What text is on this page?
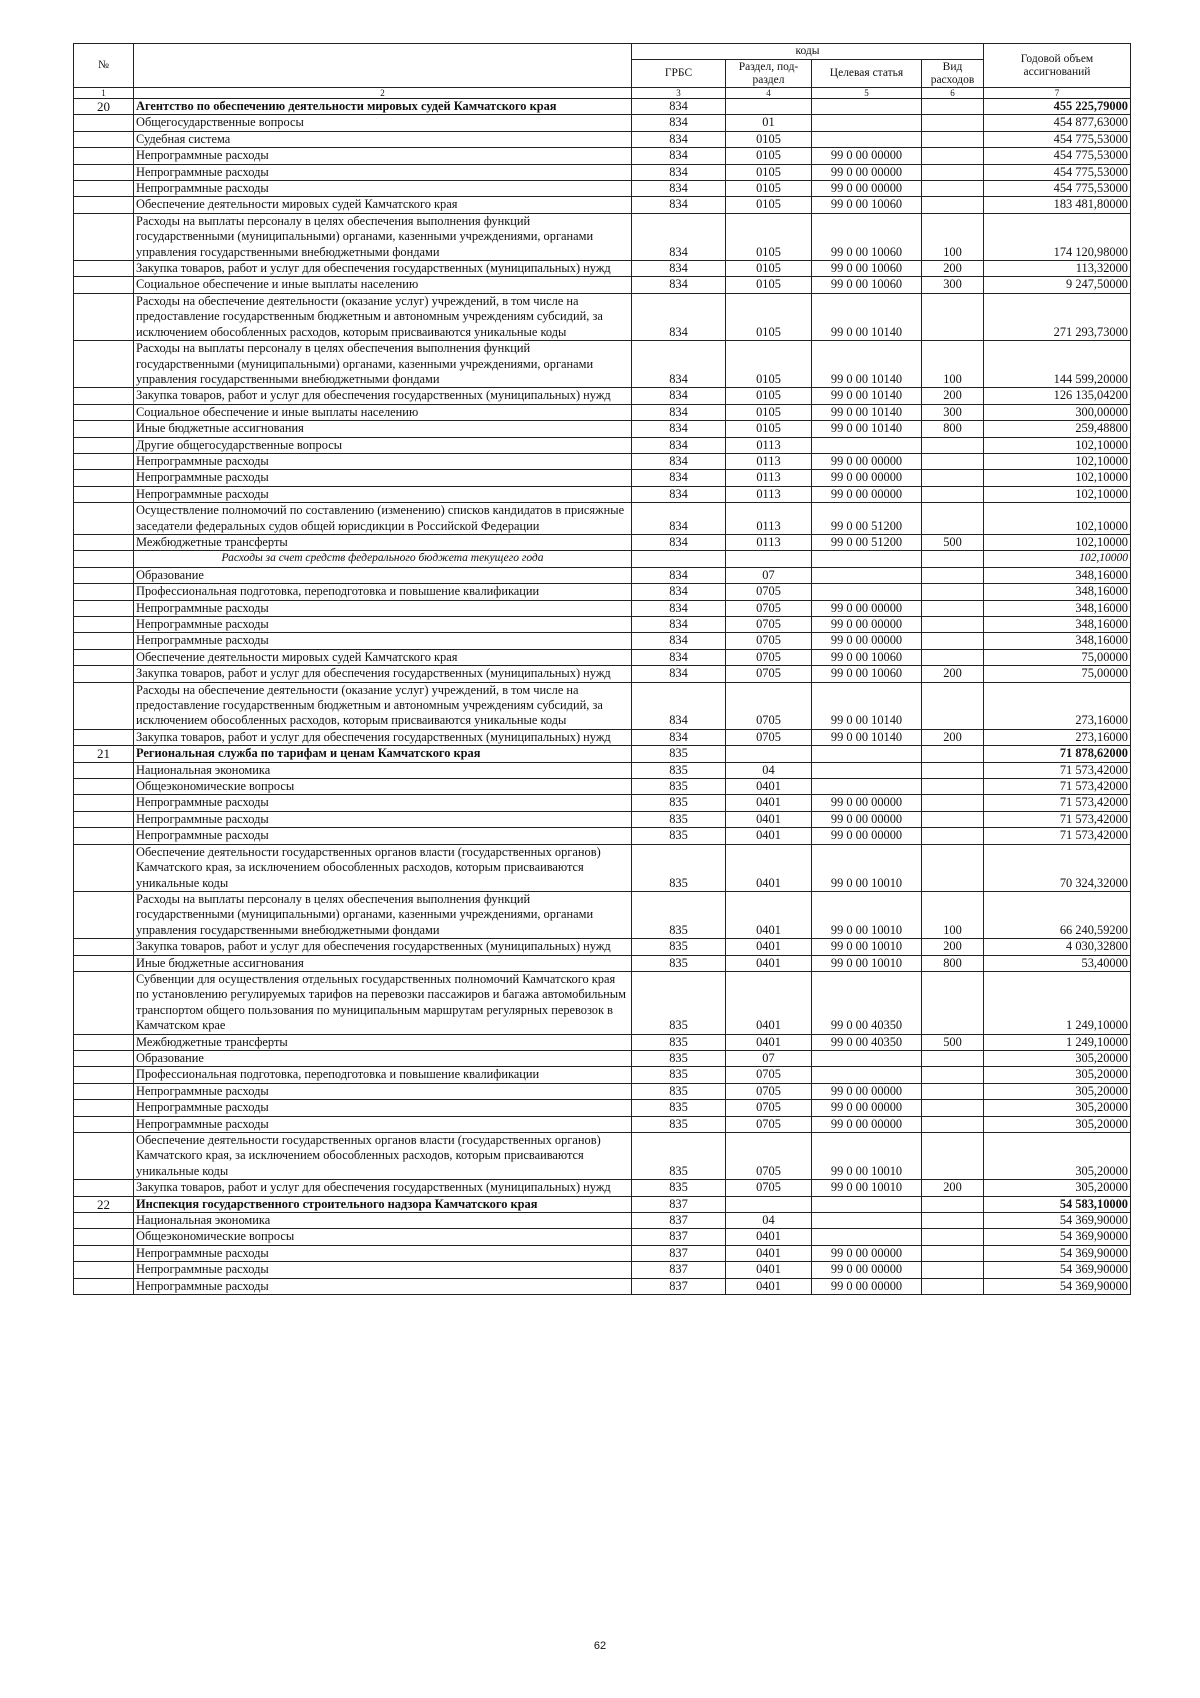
№		коды				Годовой объем ассигнований
		ГРБС	Раздел, под-раздел	Целевая статья	Вид расходов	
1	2	3	4	5	6	7
20	Агентство по обеспечению деятельности мировых судей Камчатского края	834				455 225,79000
	Общегосударственные вопросы	834	01			454 877,63000
	Судебная система	834	0105			454 775,53000
	Непрограммные расходы	834	0105	99 0 00 00000		454 775,53000
	Непрограммные расходы	834	0105	99 0 00 00000		454 775,53000
	Непрограммные расходы	834	0105	99 0 00 00000		454 775,53000
	Обеспечение деятельности мировых судей Камчатского края	834	0105	99 0 00 10060		183 481,80000
	Расходы на выплаты персоналу в целях обеспечения выполнения функций государственными (муниципальными) органами, казенными учреждениями, органами управления государственными внебюджетными фондами	834	0105	99 0 00 10060	100	174 120,98000
	Закупка товаров, работ и услуг для обеспечения государственных (муниципальных) нужд	834	0105	99 0 00 10060	200	113,32000
	Социальное обеспечение и иные выплаты населению	834	0105	99 0 00 10060	300	9 247,50000
	Расходы на обеспечение деятельности (оказание услуг) учреждений, в том числе на предоставление государственным бюджетным и автономным учреждениям субсидий, за исключением обособленных расходов, которым присваиваются уникальные коды	834	0105	99 0 00 10140		271 293,73000
	Расходы на выплаты персоналу в целях обеспечения выполнения функций государственными (муниципальными) органами, казенными учреждениями, органами управления государственными внебюджетными фондами	834	0105	99 0 00 10140	100	144 599,20000
	Закупка товаров, работ и услуг для обеспечения государственных (муниципальных) нужд	834	0105	99 0 00 10140	200	126 135,04200
	Социальное обеспечение и иные выплаты населению	834	0105	99 0 00 10140	300	300,00000
	Иные бюджетные ассигнования	834	0105	99 0 00 10140	800	259,48800
	Другие общегосударственные вопросы	834	0113			102,10000
	Непрограммные расходы	834	0113	99 0 00 00000		102,10000
	Непрограммные расходы	834	0113	99 0 00 00000		102,10000
	Непрограммные расходы	834	0113	99 0 00 00000		102,10000
	Осуществление полномочий по составлению (изменению) списков кандидатов в присяжные заседатели федеральных судов общей юрисдикции в Российской Федерации	834	0113	99 0 00 51200		102,10000
	Межбюджетные трансферты	834	0113	99 0 00 51200	500	102,10000
	Расходы за счет средств федерального бюджета текущего года					102,10000
	Образование	834	07			348,16000
	Профессиональная подготовка, переподготовка и повышение квалификации	834	0705			348,16000
	Непрограммные расходы	834	0705	99 0 00 00000		348,16000
	Непрограммные расходы	834	0705	99 0 00 00000		348,16000
	Непрограммные расходы	834	0705	99 0 00 00000		348,16000
	Обеспечение деятельности мировых судей Камчатского края	834	0705	99 0 00 10060		75,00000
	Закупка товаров, работ и услуг для обеспечения государственных (муниципальных) нужд	834	0705	99 0 00 10060	200	75,00000
	Расходы на обеспечение деятельности (оказание услуг) учреждений, в том числе на предоставление государственным бюджетным и автономным учреждениям субсидий, за исключением обособленных расходов, которым присваиваются уникальные коды	834	0705	99 0 00 10140		273,16000
	Закупка товаров, работ и услуг для обеспечения государственных (муниципальных) нужд	834	0705	99 0 00 10140	200	273,16000
21	Региональная служба по тарифам и ценам Камчатского края	835				71 878,62000
	Национальная экономика	835	04			71 573,42000
	Общеэкономические вопросы	835	0401			71 573,42000
	Непрограммные расходы	835	0401	99 0 00 00000		71 573,42000
	Непрограммные расходы	835	0401	99 0 00 00000		71 573,42000
	Непрограммные расходы	835	0401	99 0 00 00000		71 573,42000
	Обеспечение деятельности государственных органов власти (государственных органов) Камчатского края, за исключением обособленных расходов, которым присваиваются уникальные коды	835	0401	99 0 00 10010		70 324,32000
	Расходы на выплаты персоналу в целях обеспечения выполнения функций государственными (муниципальными) органами, казенными учреждениями, органами управления государственными внебюджетными фондами	835	0401	99 0 00 10010	100	66 240,59200
	Закупка товаров, работ и услуг для обеспечения государственных (муниципальных) нужд	835	0401	99 0 00 10010	200	4 030,32800
	Иные бюджетные ассигнования	835	0401	99 0 00 10010	800	53,40000
	Субвенции для осуществления отдельных государственных полномочий Камчатского края по установлению регулируемых тарифов на перевозки пассажиров и багажа автомобильным транспортом общего пользования по муниципальным маршрутам регулярных перевозок в Камчатском крае	835	0401	99 0 00 40350		1 249,10000
	Межбюджетные трансферты	835	0401	99 0 00 40350	500	1 249,10000
	Образование	835	07			305,20000
	Профессиональная подготовка, переподготовка и повышение квалификации	835	0705			305,20000
	Непрограммные расходы	835	0705	99 0 00 00000		305,20000
	Непрограммные расходы	835	0705	99 0 00 00000		305,20000
	Непрограммные расходы	835	0705	99 0 00 00000		305,20000
	Обеспечение деятельности государственных органов власти (государственных органов) Камчатского края, за исключением обособленных расходов, которым присваиваются уникальные коды	835	0705	99 0 00 10010		305,20000
	Закупка товаров, работ и услуг для обеспечения государственных (муниципальных) нужд	835	0705	99 0 00 10010	200	305,20000
22	Инспекция государственного строительного надзора Камчатского края	837				54 583,10000
	Национальная экономика	837	04			54 369,90000
	Общеэкономические вопросы	837	0401			54 369,90000
	Непрограммные расходы	837	0401	99 0 00 00000		54 369,90000
	Непрограммные расходы	837	0401	99 0 00 00000		54 369,90000
	Непрограммные расходы	837	0401	99 0 00 00000		54 369,90000
62
